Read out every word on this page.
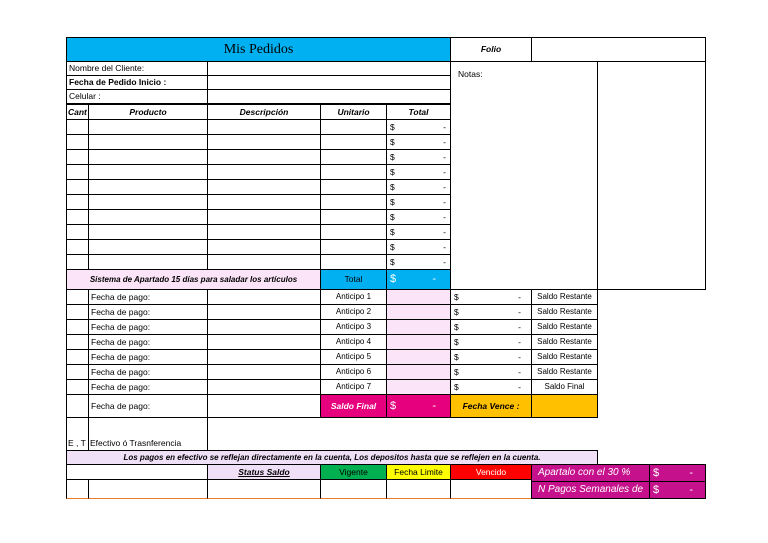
Mis Pedidos	Folio
Notas:
Nombre del Cliente:
Fecha de Pedido Inicio :
Celular :
Cant	Producto	Descripción	Unitario	Total
$	-
$	-
$	-
$	-
$	-
$	-
$	-
$	-
$	-
$	-
Sistema de Apartado 15 días para saladar los artículos	Total	$	-
Fecha de pago:	Anticipo 1	$	-	Saldo Restante
Fecha de pago:	Anticipo 2	$	-	Saldo Restante
Fecha de pago:	Anticipo 3	$	-	Saldo Restante
Fecha de pago:	Anticipo 4	$	-	Saldo Restante
Fecha de pago:	Anticipo 5	$	-	Saldo Restante
Fecha de pago:	Anticipo 6	$	-	Saldo Restante
Fecha de pago:	Anticipo 7	$	-	Saldo Final
Fecha de pago:	Saldo Final	$	-	Fecha Vence :
E , T Efectivo ó Trasnferencia
Los pagos en efectivo se reflejan directamente en la cuenta, Los depositos hasta que se reflejen en la cuenta.
Status Saldo	Vigente	Fecha Limite	Vencido	Apartalo con el 30 %	$	-
N Pagos Semanales de $	-
